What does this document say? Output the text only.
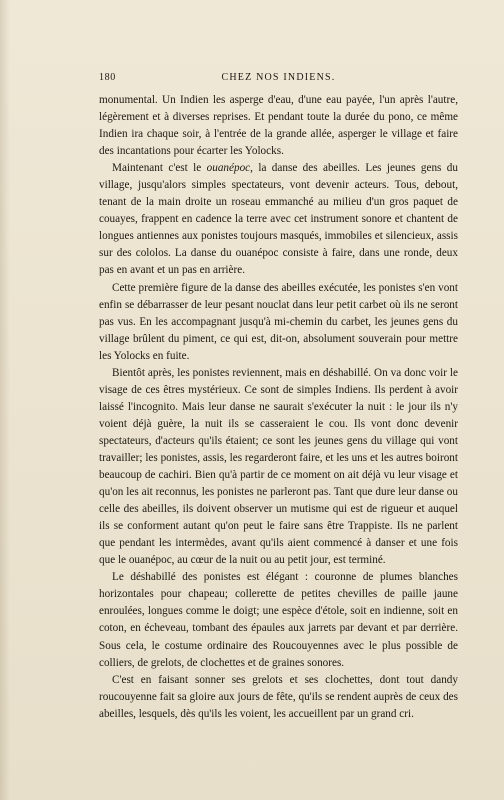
180	CHEZ NOS INDIENS.

monumental. Un Indien les asperge d'eau, d'une eau payée, l'un après l'autre, légèrement et à diverses reprises. Et pendant toute la durée du pono, ce même Indien ira chaque soir, à l'entrée de la grande allée, asperger le village et faire des incantations pour écarter les Yolocks.

Maintenant c'est le ouanépoc, la danse des abeilles. Les jeunes gens du village, jusqu'alors simples spectateurs, vont devenir acteurs. Tous, debout, tenant de la main droite un roseau emmanché au milieu d'un gros paquet de couayes, frappent en cadence la terre avec cet instrument sonore et chantent de longues antiennes aux ponistes toujours masqués, immobiles et silencieux, assis sur des cololos. La danse du ouanépoc consiste à faire, dans une ronde, deux pas en avant et un pas en arrière.

Cette première figure de la danse des abeilles exécutée, les ponistes s'en vont enfin se débarrasser de leur pesant nouclat dans leur petit carbet où ils ne seront pas vus. En les accompagnant jusqu'à mi-chemin du carbet, les jeunes gens du village brûlent du piment, ce qui est, dit-on, absolument souverain pour mettre les Yolocks en fuite.

Bientôt après, les ponistes reviennent, mais en déshabillé. On va donc voir le visage de ces êtres mystérieux. Ce sont de simples Indiens. Ils perdent à avoir laissé l'incognito. Mais leur danse ne saurait s'exécuter la nuit : le jour ils n'y voient déjà guère, la nuit ils se casseraient le cou. Ils vont donc devenir spectateurs, d'acteurs qu'ils étaient; ce sont les jeunes gens du village qui vont travailler; les ponistes, assis, les regarderont faire, et les uns et les autres boiront beaucoup de cachiri. Bien qu'à partir de ce moment on ait déjà vu leur visage et qu'on les ait reconnus, les ponistes ne parleront pas. Tant que dure leur danse ou celle des abeilles, ils doivent observer un mutisme qui est de rigueur et auquel ils se conforment autant qu'on peut le faire sans être Trappiste. Ils ne parlent que pendant les intermèdes, avant qu'ils aient commencé à danser et une fois que le ouanépoc, au cœur de la nuit ou au petit jour, est terminé.

Le déshabillé des ponistes est élégant : couronne de plumes blanches horizontales pour chapeau; collerette de petites chevilles de paille jaune enroulées, longues comme le doigt; une espèce d'étole, soit en indienne, soit en coton, en écheveau, tombant des épaules aux jarrets par devant et par derrière. Sous cela, le costume ordinaire des Roucouyennes avec le plus possible de colliers, de grelots, de clochettes et de graines sonores.

C'est en faisant sonner ses grelots et ses clochettes, dont tout dandy roucouyenne fait sa gloire aux jours de fête, qu'ils se rendent auprès de ceux des abeilles, lesquels, dès qu'ils les voient, les accueillent par un grand cri.
